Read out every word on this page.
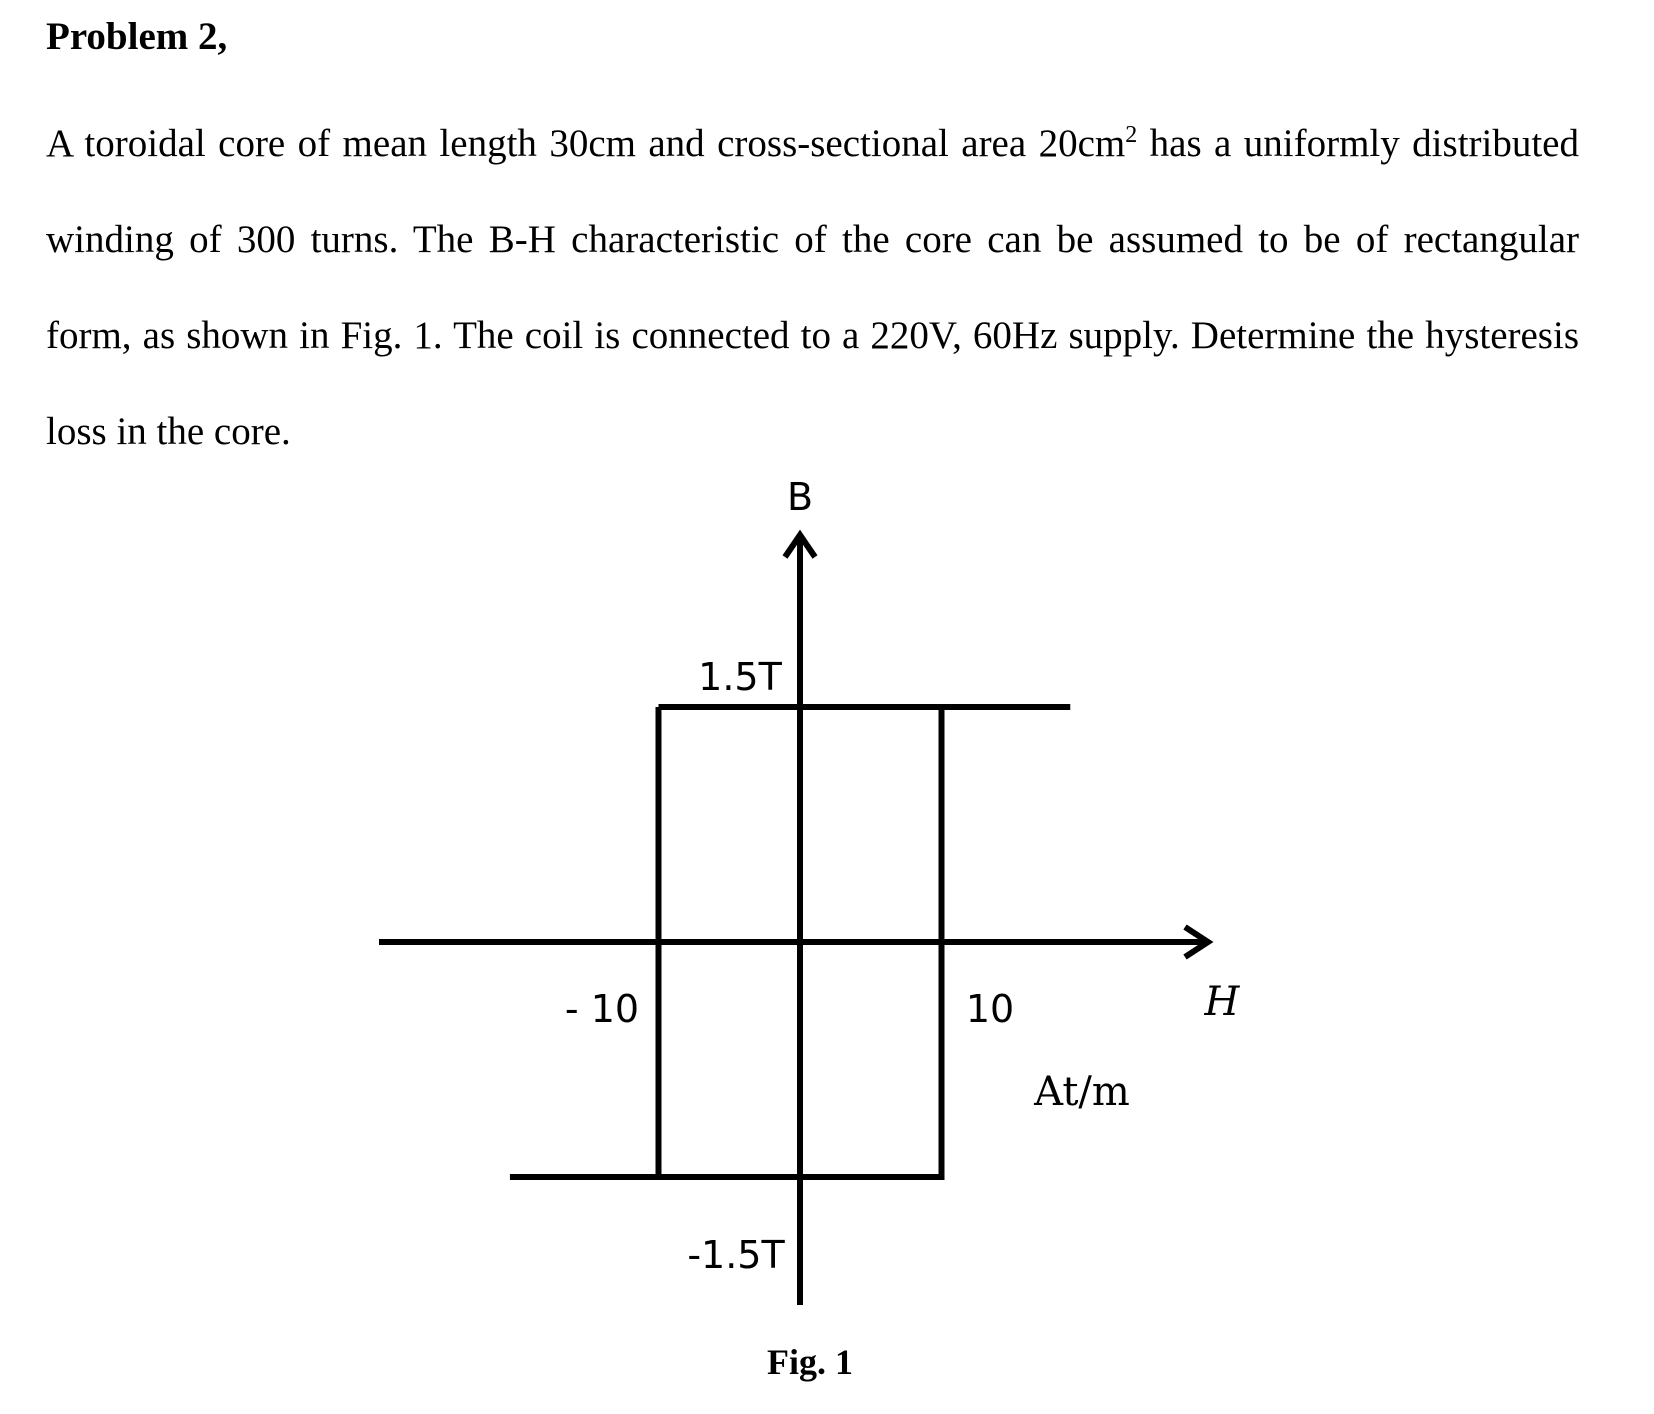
Problem 2,
A toroidal core of mean length 30cm and cross-sectional area $20cm^2$ has a uniformly distributed winding of 300 turns. The B-H characteristic of the core can be assumed to be of rectangular form, as shown in Fig. 1. The coil is connected to a 220V, 60Hz supply. Determine the hysteresis loss in the core.
B
1.5T
-1.5T
- 10	10	H
At/m
Fig. 1
